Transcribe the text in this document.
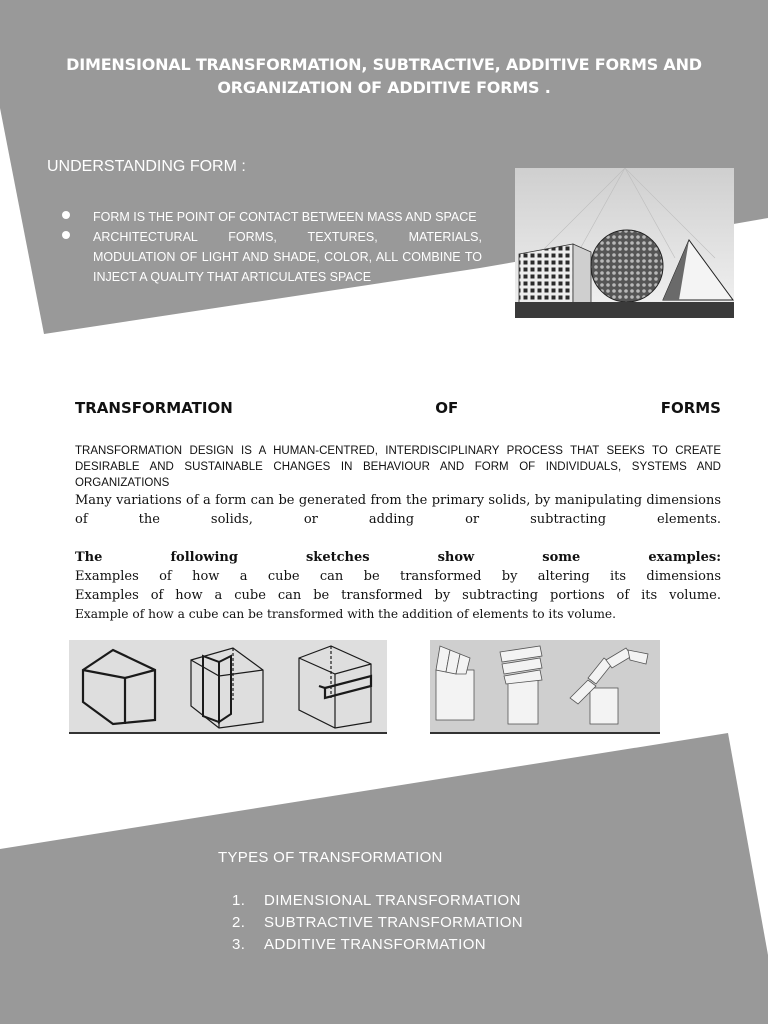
DIMENSIONAL TRANSFORMATION, SUBTRACTIVE, ADDITIVE FORMS AND ORGANIZATION OF ADDITIVE FORMS .
UNDERSTANDING FORM :
FORM IS THE POINT OF CONTACT BETWEEN MASS AND SPACE
ARCHITECTURAL FORMS, TEXTURES, MATERIALS, MODULATION OF LIGHT AND SHADE, COLOR, ALL COMBINE TO INJECT A QUALITY THAT ARTICULATES SPACE
TRANSFORMATION	OF	FORMS
TRANSFORMATION DESIGN IS A HUMAN-CENTRED, INTERDISCIPLINARY PROCESS THAT SEEKS TO CREATE DESIRABLE AND SUSTAINABLE CHANGES IN BEHAVIOUR AND FORM OF INDIVIDUALS, SYSTEMS AND ORGANIZATIONS
Many variations of a form can be generated from the primary solids, by manipulating dimensions of the solids, or adding or subtracting elements.
The following sketches show some examples:
Examples of how a cube can be transformed by altering its dimensions
Examples of how a cube can be transformed by subtracting portions of its volume.
Example of how a cube can be transformed with the addition of elements to its volume.
TYPES OF TRANSFORMATION
1. DIMENSIONAL TRANSFORMATION
2. SUBTRACTIVE TRANSFORMATION
3. ADDITIVE TRANSFORMATION
